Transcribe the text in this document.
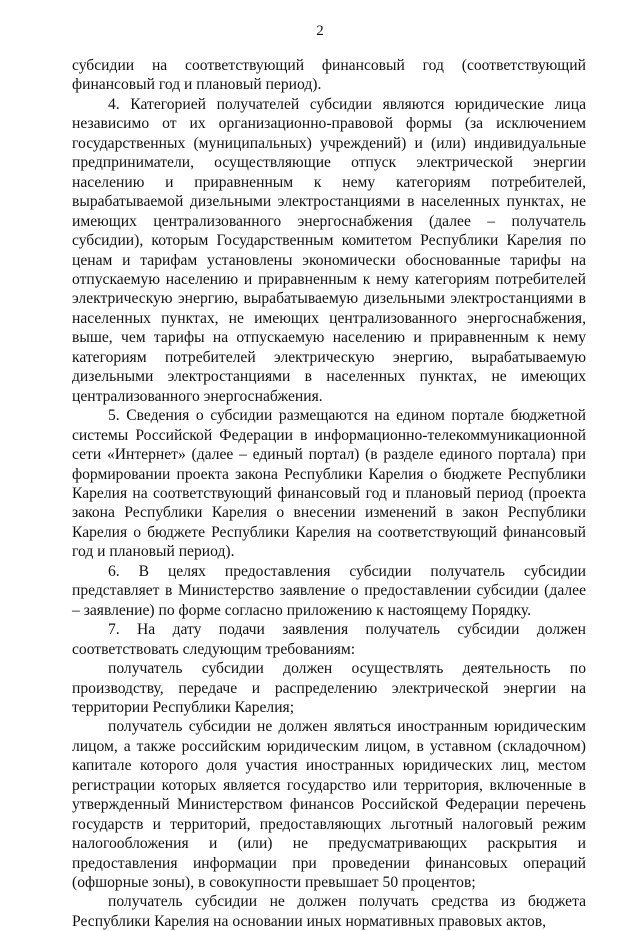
2

субсидии на соответствующий финансовый год (соответствующий финансовый год и плановый период).

4. Категорией получателей субсидии являются юридические лица независимо от их организационно-правовой формы (за исключением государственных (муниципальных) учреждений) и (или) индивидуальные предприниматели, осуществляющие отпуск электрической энергии населению и приравненным к нему категориям потребителей, вырабатываемой дизельными электростанциями в населенных пунктах, не имеющих централизованного энергоснабжения (далее – получатель субсидии), которым Государственным комитетом Республики Карелия по ценам и тарифам установлены экономически обоснованные тарифы на отпускаемую населению и приравненным к нему категориям потребителей электрическую энергию, вырабатываемую дизельными электростанциями в населенных пунктах, не имеющих централизованного энергоснабжения, выше, чем тарифы на отпускаемую населению и приравненным к нему категориям потребителей электрическую энергию, вырабатываемую дизельными электростанциями в населенных пунктах, не имеющих централизованного энергоснабжения.

5. Сведения о субсидии размещаются на едином портале бюджетной системы Российской Федерации в информационно-телекоммуникационной сети «Интернет» (далее – единый портал) (в разделе единого портала) при формировании проекта закона Республики Карелия о бюджете Республики Карелия на соответствующий финансовый год и плановый период (проекта закона Республики Карелия о внесении изменений в закон Республики Карелия о бюджете Республики Карелия на соответствующий финансовый год и плановый период).

6. В целях предоставления субсидии получатель субсидии представляет в Министерство заявление о предоставлении субсидии (далее – заявление) по форме согласно приложению к настоящему Порядку.

7. На дату подачи заявления получатель субсидии должен соответствовать следующим требованиям:

получатель субсидии должен осуществлять деятельность по производству, передаче и распределению электрической энергии на территории Республики Карелия;

получатель субсидии не должен являться иностранным юридическим лицом, а также российским юридическим лицом, в уставном (складочном) капитале которого доля участия иностранных юридических лиц, местом регистрации которых является государство или территория, включенные в утвержденный Министерством финансов Российской Федерации перечень государств и территорий, предоставляющих льготный налоговый режим налогообложения и (или) не предусматривающих раскрытия и предоставления информации при проведении финансовых операций (офшорные зоны), в совокупности превышает 50 процентов;

получатель субсидии не должен получать средства из бюджета Республики Карелия на основании иных нормативных правовых актов,
